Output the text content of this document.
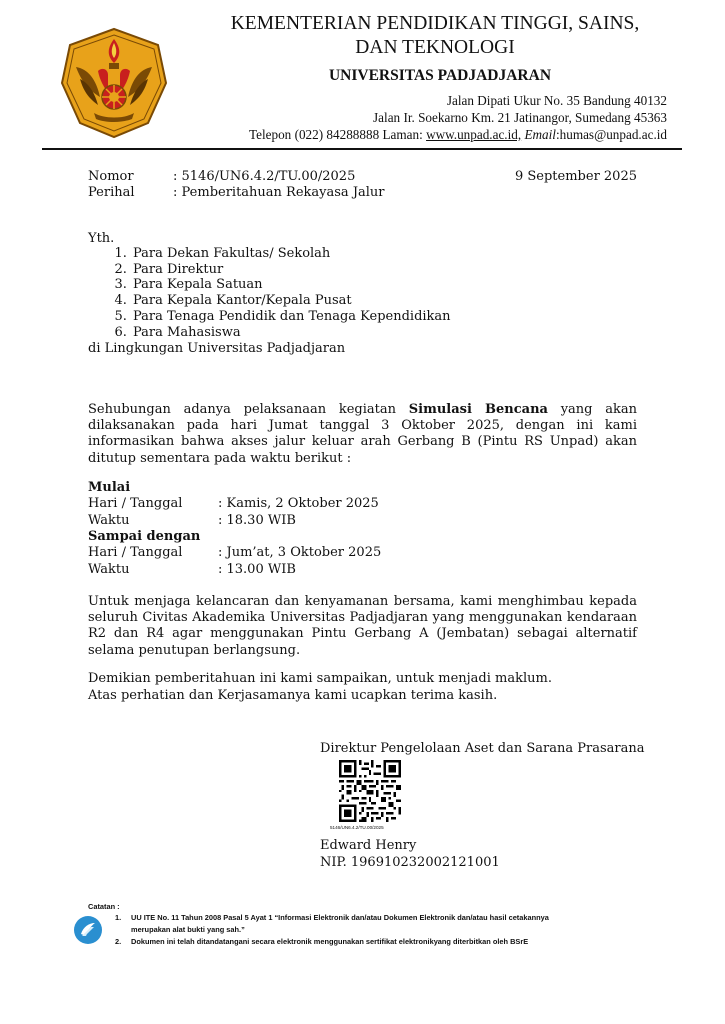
KEMENTERIAN PENDIDIKAN TINGGI, SAINS,
DAN TEKNOLOGI
UNIVERSITAS PADJADJARAN
Jalan Dipati Ukur No. 35 Bandung 40132
Jalan Ir. Soekarno Km. 21 Jatinangor, Sumedang 45363
Telepon (022) 84288888 Laman: www.unpad.ac.id, Email:humas@unpad.ac.id
Nomor	: 5146/UN6.4.2/TU.00/2025	9 September 2025
Perihal	: Pemberitahuan Rekayasa Jalur
Yth.
1. Para Dekan Fakultas/ Sekolah
2. Para Direktur
3. Para Kepala Satuan
4. Para Kepala Kantor/Kepala Pusat
5. Para Tenaga Pendidik dan Tenaga Kependidikan
6. Para Mahasiswa
di Lingkungan Universitas Padjadjaran

Sehubungan adanya pelaksanaan kegiatan Simulasi Bencana yang akan dilaksanakan pada hari Jumat tanggal 3 Oktober 2025, dengan ini kami informasikan bahwa akses jalur keluar arah Gerbang B (Pintu RS Unpad) akan ditutup sementara pada waktu berikut :

Mulai
Hari / Tanggal	: Kamis, 2 Oktober 2025
Waktu	: 18.30 WIB
Sampai dengan
Hari / Tanggal	: Jum’at, 3 Oktober 2025
Waktu	: 13.00 WIB

Untuk menjaga kelancaran dan kenyamanan bersama, kami menghimbau kepada seluruh Civitas Akademika Universitas Padjadjaran yang menggunakan kendaraan R2 dan R4 agar menggunakan Pintu Gerbang A (Jembatan) sebagai alternatif selama penutupan berlangsung.

Demikian pemberitahuan ini kami sampaikan, untuk menjadi maklum.
Atas perhatian dan Kerjasamanya kami ucapkan terima kasih.
Direktur Pengelolaan Aset dan Sarana Prasarana
5146/UN6.4.2/TU.00/2025
Edward Henry
NIP. 196910232002121001
Catatan :
1. UU ITE No. 11 Tahun 2008 Pasal 5 Ayat 1 “Informasi Elektronik dan/atau Dokumen Elektronik dan/atau hasil cetakannya
merupakan alat bukti yang sah.”
2. Dokumen ini telah ditandatangani secara elektronik menggunakan sertifikat elektronikyang diterbitkan oleh BSrE
